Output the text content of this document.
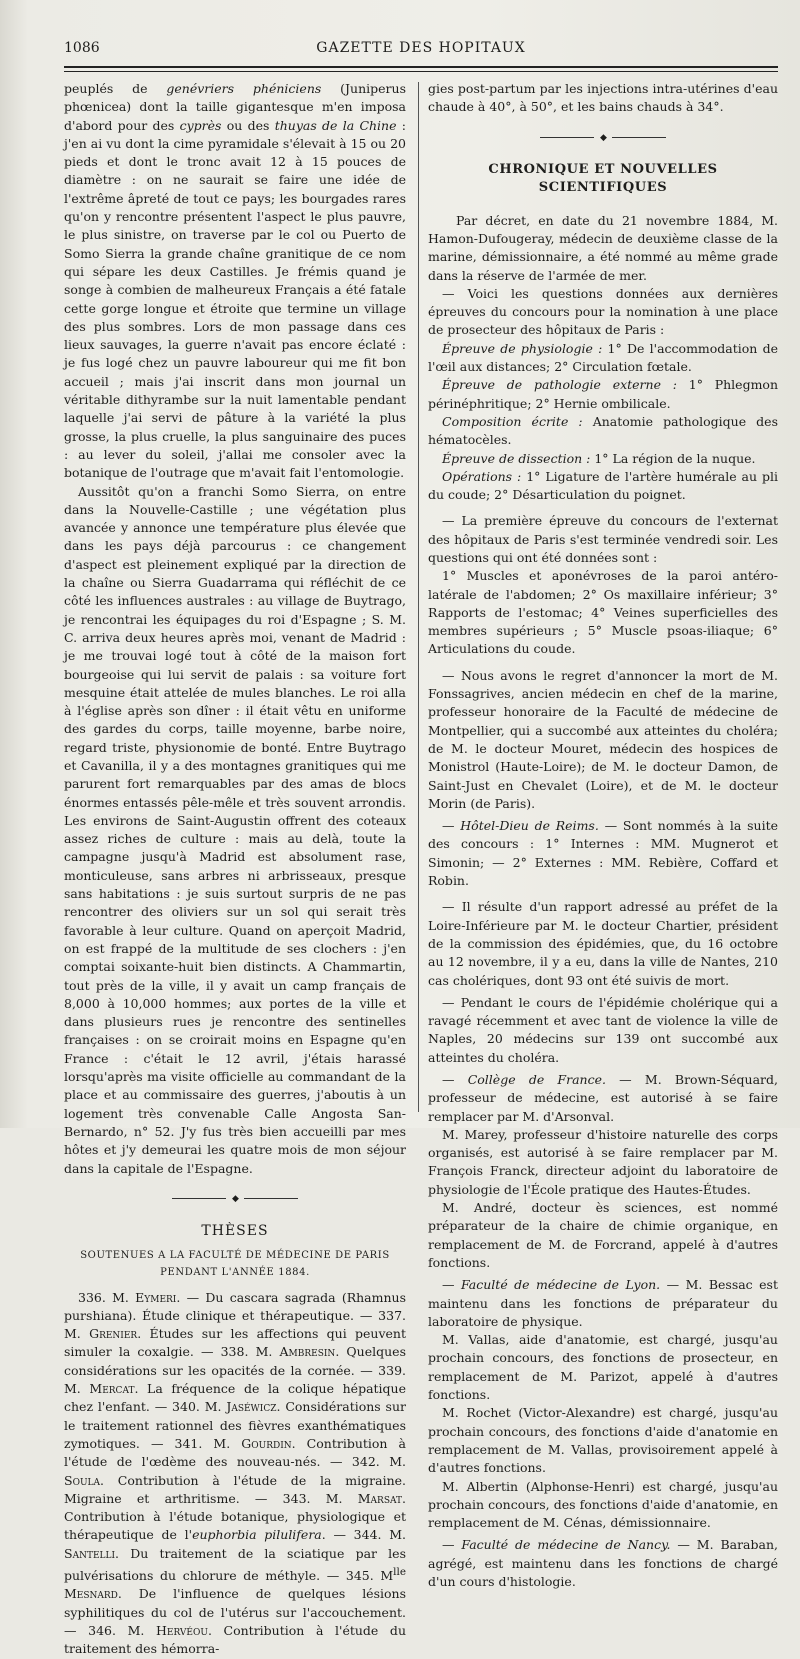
1086	GAZETTE DES HOPITAUX

peuplés de genévriers phéniciens (Juniperus phœnicea) dont la taille gigantesque m'en imposa d'abord pour des cyprès ou des thuyas de la Chine : j'en ai vu dont la cime pyramidale s'élevait à 15 ou 20 pieds et dont le tronc avait 12 à 15 pouces de diamètre : on ne saurait se faire une idée de l'extrême âpreté de tout ce pays; les bourgades rares qu'on y rencontre présentent l'aspect le plus pauvre, le plus sinistre, on traverse par le col ou Puerto de Somo Sierra la grande chaîne granitique de ce nom qui sépare les deux Castilles. Je frémis quand je songe à combien de malheureux Français a été fatale cette gorge longue et étroite que termine un village des plus sombres. Lors de mon passage dans ces lieux sauvages, la guerre n'avait pas encore éclaté : je fus logé chez un pauvre laboureur qui me fit bon accueil ; mais j'ai inscrit dans mon journal un véritable dithyrambe sur la nuit lamentable pendant laquelle j'ai servi de pâture à la variété la plus grosse, la plus cruelle, la plus sanguinaire des puces : au lever du soleil, j'allai me consoler avec la botanique de l'outrage que m'avait fait l'entomologie.

Aussitôt qu'on a franchi Somo Sierra, on entre dans la Nouvelle-Castille ; une végétation plus avancée y annonce une température plus élevée que dans les pays déjà parcourus : ce changement d'aspect est pleinement expliqué par la direction de la chaîne ou Sierra Guadarrama qui réfléchit de ce côté les influences australes : au village de Buytrago, je rencontrai les équipages du roi d'Espagne ; S. M. C. arriva deux heures après moi, venant de Madrid : je me trouvai logé tout à côté de la maison fort bourgeoise qui lui servit de palais : sa voiture fort mesquine était attelée de mules blanches. Le roi alla à l'église après son dîner : il était vêtu en uniforme des gardes du corps, taille moyenne, barbe noire, regard triste, physionomie de bonté. Entre Buytrago et Cavanilla, il y a des montagnes granitiques qui me parurent fort remarquables par des amas de blocs énormes entassés pêle-mêle et très souvent arrondis. Les environs de Saint-Augustin offrent des coteaux assez riches de culture : mais au delà, toute la campagne jusqu'à Madrid est absolument rase, monticuleuse, sans arbres ni arbrisseaux, presque sans habitations : je suis surtout surpris de ne pas rencontrer des oliviers sur un sol qui serait très favorable à leur culture. Quand on aperçoit Madrid, on est frappé de la multitude de ses clochers : j'en comptai soixante-huit bien distincts. A Chammartin, tout près de la ville, il y avait un camp français de 8,000 à 10,000 hommes; aux portes de la ville et dans plusieurs rues je rencontre des sentinelles françaises : on se croirait moins en Espagne qu'en France : c'était le 12 avril, j'étais harassé lorsqu'après ma visite officielle au commandant de la place et au commissaire des guerres, j'aboutis à un logement très convenable Calle Angosta San-Bernardo, n° 52. J'y fus très bien accueilli par mes hôtes et j'y demeurai les quatre mois de mon séjour dans la capitale de l'Espagne.

◆
THÈSES
SOUTENUES A LA FACULTÉ DE MÉDECINE DE PARIS
PENDANT L'ANNÉE 1884.

336. M. Eymeri. — Du cascara sagrada (Rhamnus purshiana). Étude clinique et thérapeutique. — 337. M. Grenier. Études sur les affections qui peuvent simuler la coxalgie. — 338. M. Ambresin. Quelques considérations sur les opacités de la cornée. — 339. M. Mercat. La fréquence de la colique hépatique chez l'enfant. — 340. M. Jaséwicz. Considérations sur le traitement rationnel des fièvres exanthématiques zymotiques. — 341. M. Gourdin. Contribution à l'étude de l'œdème des nouveau-nés. — 342. M. Soula. Contribution à l'étude de la migraine. Migraine et arthritisme. — 343. M. Marsat. Contribution à l'étude botanique, physiologique et thérapeutique de l'euphorbia pilulifera. — 344. M. Santelli. Du traitement de la sciatique par les pulvérisations du chlorure de méthyle. — 345. $M^{lle}$ Mesnard. De l'influence de quelques lésions syphilitiques du col de l'utérus sur l'accouchement. — 346. M. Hervéou. Contribution à l'étude du traitement des hémorra-

gies post-partum par les injections intra-utérines d'eau chaude à 40°, à 50°, et les bains chauds à 34°.

◆
CHRONIQUE ET NOUVELLES SCIENTIFIQUES

Par décret, en date du 21 novembre 1884, M. Hamon-Dufougeray, médecin de deuxième classe de la marine, démissionnaire, a été nommé au même grade dans la réserve de l'armée de mer.

— Voici les questions données aux dernières épreuves du concours pour la nomination à une place de prosecteur des hôpitaux de Paris :

Épreuve de physiologie : 1° De l'accommodation de l'œil aux distances; 2° Circulation fœtale.

Épreuve de pathologie externe : 1° Phlegmon périnéphritique; 2° Hernie ombilicale.

Composition écrite : Anatomie pathologique des hématocèles.

Épreuve de dissection : 1° La région de la nuque.

Opérations : 1° Ligature de l'artère humérale au pli du coude; 2° Désarticulation du poignet.

— La première épreuve du concours de l'externat des hôpitaux de Paris s'est terminée vendredi soir. Les questions qui ont été données sont :

1° Muscles et aponévroses de la paroi antéro-latérale de l'abdomen; 2° Os maxillaire inférieur; 3° Rapports de l'estomac; 4° Veines superficielles des membres supérieurs ; 5° Muscle psoas-iliaque; 6° Articulations du coude.

— Nous avons le regret d'annoncer la mort de M. Fonssagrives, ancien médecin en chef de la marine, professeur honoraire de la Faculté de médecine de Montpellier, qui a succombé aux atteintes du choléra; de M. le docteur Mouret, médecin des hospices de Monistrol (Haute-Loire); de M. le docteur Damon, de Saint-Just en Chevalet (Loire), et de M. le docteur Morin (de Paris).

— Hôtel-Dieu de Reims. — Sont nommés à la suite des concours : 1° Internes : MM. Mugnerot et Simonin; — 2° Externes : MM. Rebière, Coffard et Robin.

— Il résulte d'un rapport adressé au préfet de la Loire-Inférieure par M. le docteur Chartier, président de la commission des épidémies, que, du 16 octobre au 12 novembre, il y a eu, dans la ville de Nantes, 210 cas cholériques, dont 93 ont été suivis de mort.

— Pendant le cours de l'épidémie cholérique qui a ravagé récemment et avec tant de violence la ville de Naples, 20 médecins sur 139 ont succombé aux atteintes du choléra.

— Collège de France. — M. Brown-Séquard, professeur de médecine, est autorisé à se faire remplacer par M. d'Arsonval.

M. Marey, professeur d'histoire naturelle des corps organisés, est autorisé à se faire remplacer par M. François Franck, directeur adjoint du laboratoire de physiologie de l'École pratique des Hautes-Études.

M. André, docteur ès sciences, est nommé préparateur de la chaire de chimie organique, en remplacement de M. de Forcrand, appelé à d'autres fonctions.

— Faculté de médecine de Lyon. — M. Bessac est maintenu dans les fonctions de préparateur du laboratoire de physique.

M. Vallas, aide d'anatomie, est chargé, jusqu'au prochain concours, des fonctions de prosecteur, en remplacement de M. Parizot, appelé à d'autres fonctions.

M. Rochet (Victor-Alexandre) est chargé, jusqu'au prochain concours, des fonctions d'aide d'anatomie en remplacement de M. Vallas, provisoirement appelé à d'autres fonctions.

M. Albertin (Alphonse-Henri) est chargé, jusqu'au prochain concours, des fonctions d'aide d'anatomie, en remplacement de M. Cénas, démissionnaire.

— Faculté de médecine de Nancy. — M. Baraban, agrégé, est maintenu dans les fonctions de chargé d'un cours d'histologie.
